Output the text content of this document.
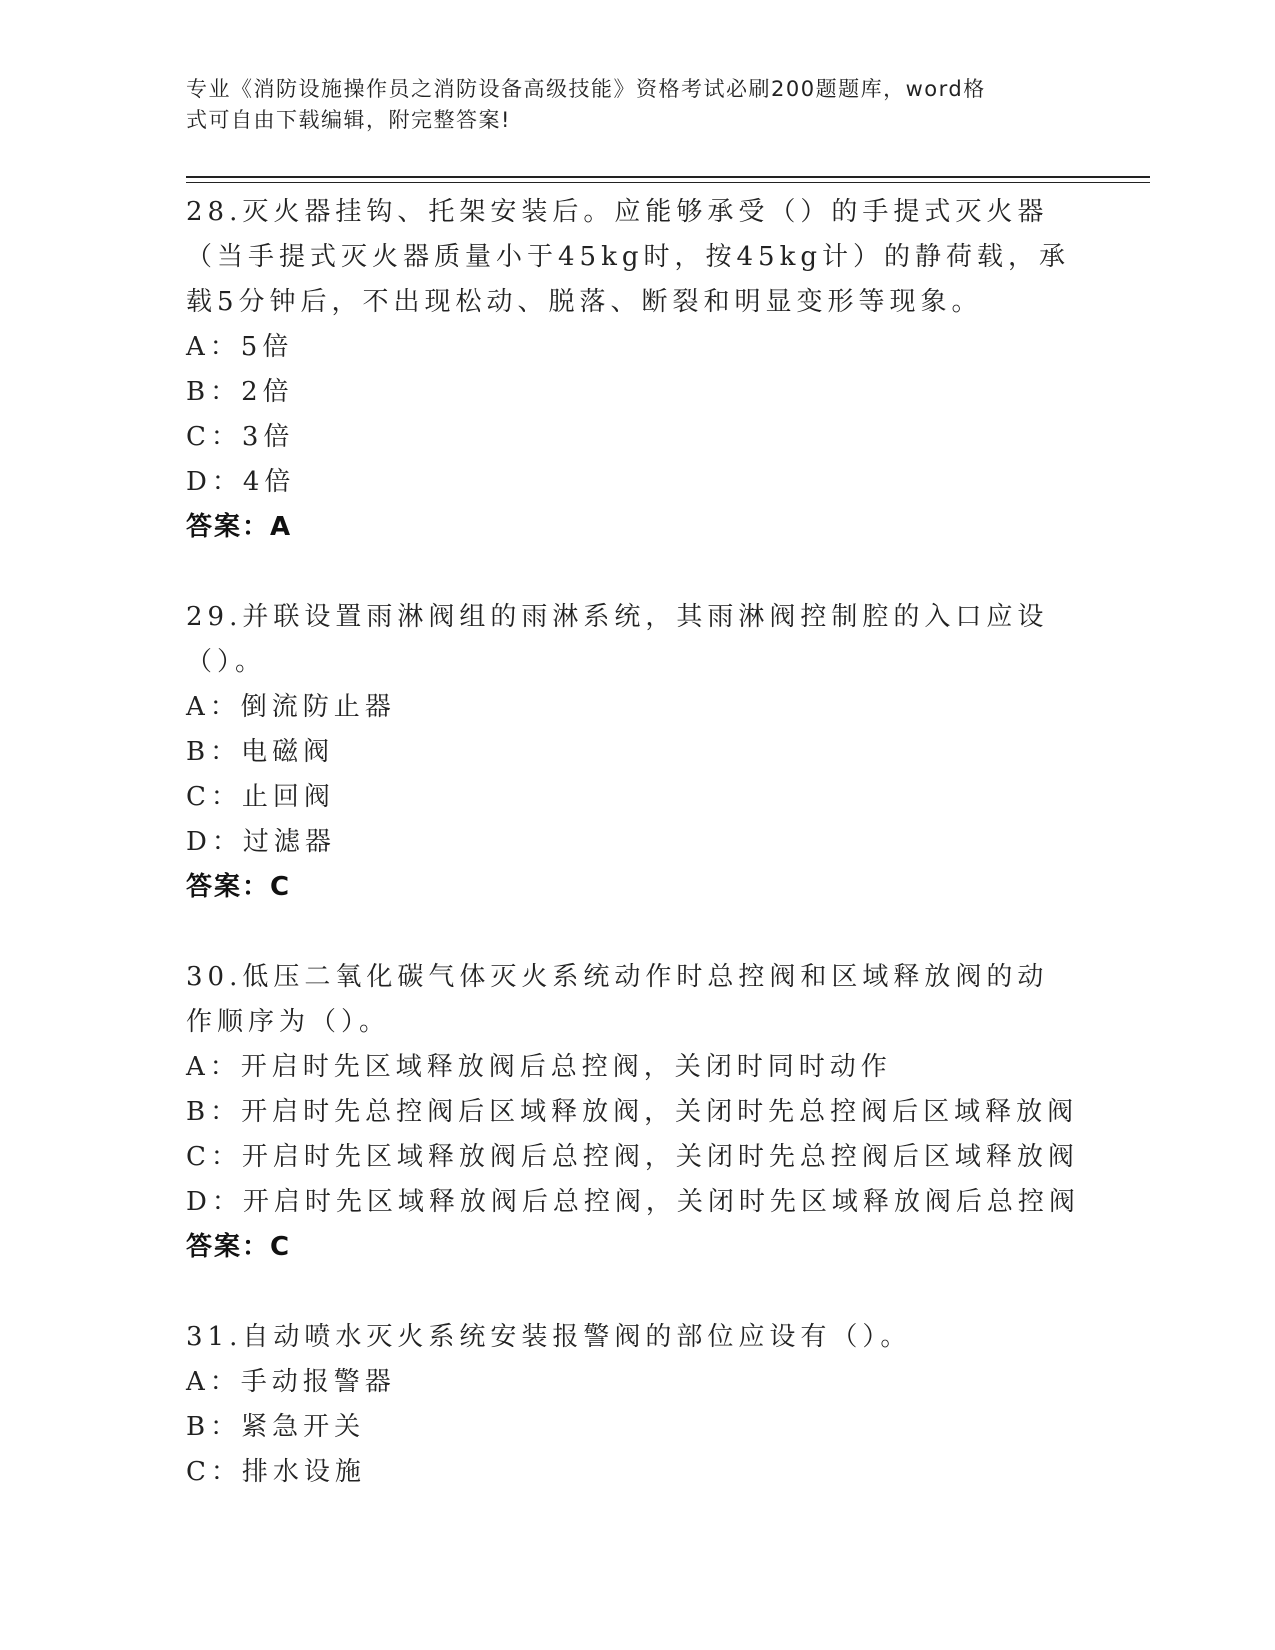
专业《消防设施操作员之消防设备高级技能》资格考试必刷200题题库，word格
式可自由下载编辑，附完整答案!
28.灭火器挂钩、托架安装后。应能够承受（）的手提式灭火器（当手提式灭火器质量小于45kg时，按45kg计）的静荷载，承载5分钟后，不出现松动、脱落、断裂和明显变形等现象。
A：5倍
B：2倍
C：3倍
D：4倍
答案：A
29.并联设置雨淋阀组的雨淋系统，其雨淋阀控制腔的入口应设（）。
A：倒流防止器
B：电磁阀
C：止回阀
D：过滤器
答案：C
30.低压二氧化碳气体灭火系统动作时总控阀和区域释放阀的动作顺序为（）。
A：开启时先区域释放阀后总控阀，关闭时同时动作
B：开启时先总控阀后区域释放阀，关闭时先总控阀后区域释放阀
C：开启时先区域释放阀后总控阀，关闭时先总控阀后区域释放阀
D：开启时先区域释放阀后总控阀，关闭时先区域释放阀后总控阀
答案：C
31.自动喷水灭火系统安装报警阀的部位应设有（）。
A：手动报警器
B：紧急开关
C：排水设施
